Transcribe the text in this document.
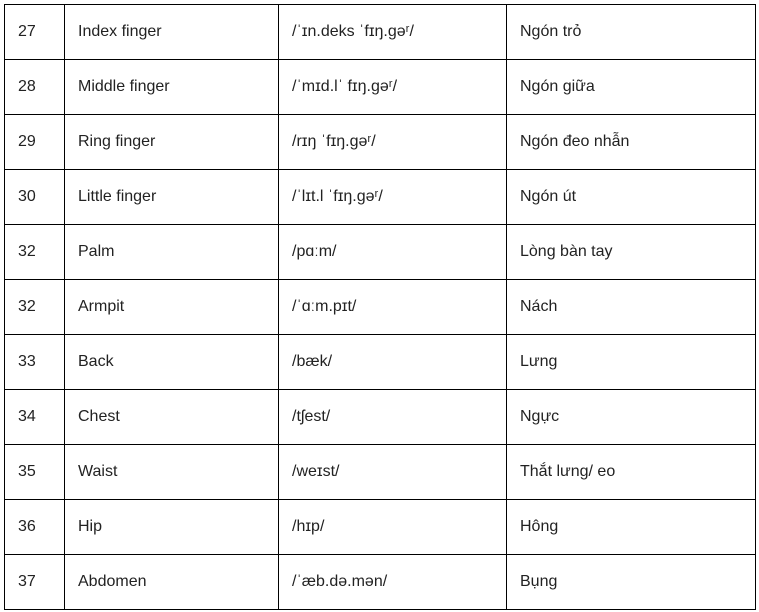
27	Index finger	/ˈɪn.deks ˈfɪŋ.ɡəʳ/	Ngón trỏ
28	Middle finger	/ˈmɪd.lˈ fɪŋ.ɡəʳ/	Ngón giữa
29	Ring finger	/rɪŋ ˈfɪŋ.ɡəʳ/	Ngón đeo nhẫn
30	Little finger	/ˈlɪt.l ˈfɪŋ.ɡəʳ/	Ngón út
32	Palm	/pɑːm/	Lòng bàn tay
32	Armpit	/ˈɑːm.pɪt/	Nách
33	Back	/bæk/	Lưng
34	Chest	/tʃest/	Ngực
35	Waist	/weɪst/	Thắt lưng/ eo
36	Hip	/hɪp/	Hông
37	Abdomen	/ˈæb.də.mən/	Bụng
